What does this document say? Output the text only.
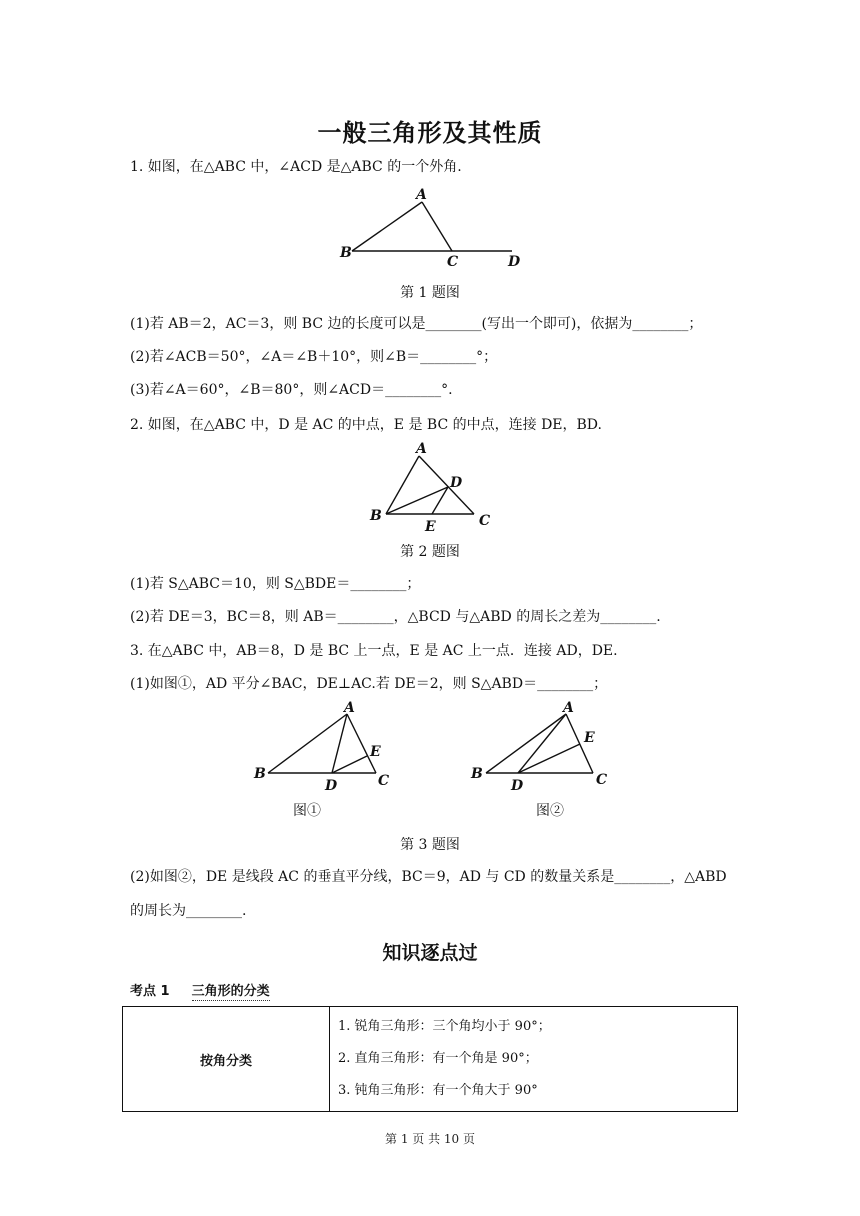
一般三角形及其性质
1. 如图，在△ABC 中，∠ACD 是△ABC 的一个外角.
A
B
C	D
第 1 题图
(1)若 AB＝2，AC＝3，则 BC 边的长度可以是________(写出一个即可)，依据为________；
(2)若∠ACB＝50°，∠A＝∠B＋10°，则∠B＝________°；
(3)若∠A＝60°，∠B＝80°，则∠ACD＝________°.
2. 如图，在△ABC 中，D 是 AC 的中点，E 是 BC 的中点，连接 DE，BD.
A
D
B
E	C
第 2 题图
(1)若 S△ABC＝10，则 S△BDE＝________；
(2)若 DE＝3，BC＝8，则 AB＝________，△BCD 与△ABD 的周长之差为________.
3. 在△ABC 中，AB＝8，D 是 BC 上一点，E 是 AC 上一点．连接 AD，DE.
(1)如图①，AD 平分∠BAC，DE⊥AC.若 DE＝2，则 S△ABD＝________；
A
E
B
D	C
A
E
B
D	C
图①	图②
第 3 题图
(2)如图②，DE 是线段 AC 的垂直平分线，BC＝9，AD 与 CD 的数量关系是________，△ABD
的周长为________.
知识逐点过
考点 1 三角形的分类
按角分类	
1. 锐角三角形：三个角均小于 90°；
2. 直角三角形：有一个角是 90°；
3. 钝角三角形：有一个角大于 90°
第 1 页 共 10 页
